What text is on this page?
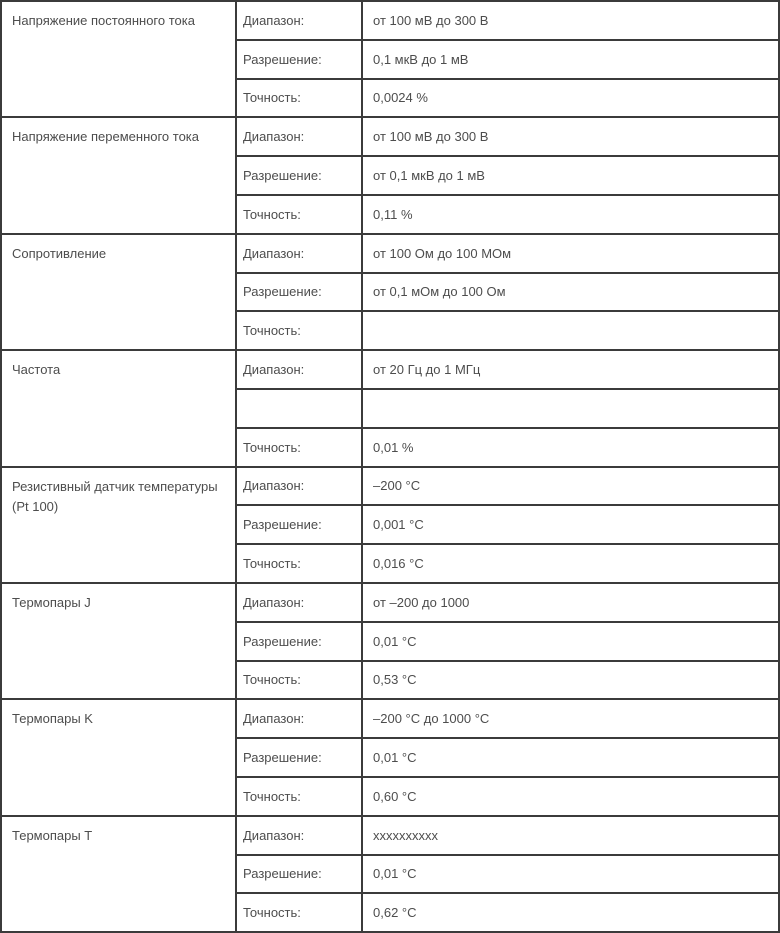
Напряжение постоянного тока	Диапазон:	от 100 мВ до 300 В
	Разрешение:	0,1 мкВ до 1 мВ
	Точность:	0,0024 %
Напряжение переменного тока	Диапазон:	от 100 мВ до 300 В
	Разрешение:	от 0,1 мкВ до 1 мВ
	Точность:	0,11 %
Сопротивление	Диапазон:	от 100 Ом до 100 МОм
	Разрешение:	от 0,1 мОм до 100 Ом
	Точность:	
Частота	Диапазон:	от 20 Гц до 1 МГц

	Точность:	0,01 %
Резистивный датчик температуры (Pt 100)	Диапазон:	–200 °C
	Разрешение:	0,001 °C
	Точность:	0,016 °C
Термопары J	Диапазон:	от –200 до 1000
	Разрешение:	0,01 °C
	Точность:	0,53 °C
Термопары K	Диапазон:	–200 °C до 1000 °C
	Разрешение:	0,01 °C
	Точность:	0,60 °C
Термопары T	Диапазон:	xxxxxxxxxx
	Разрешение:	0,01 °C
	Точность:	0,62 °C
